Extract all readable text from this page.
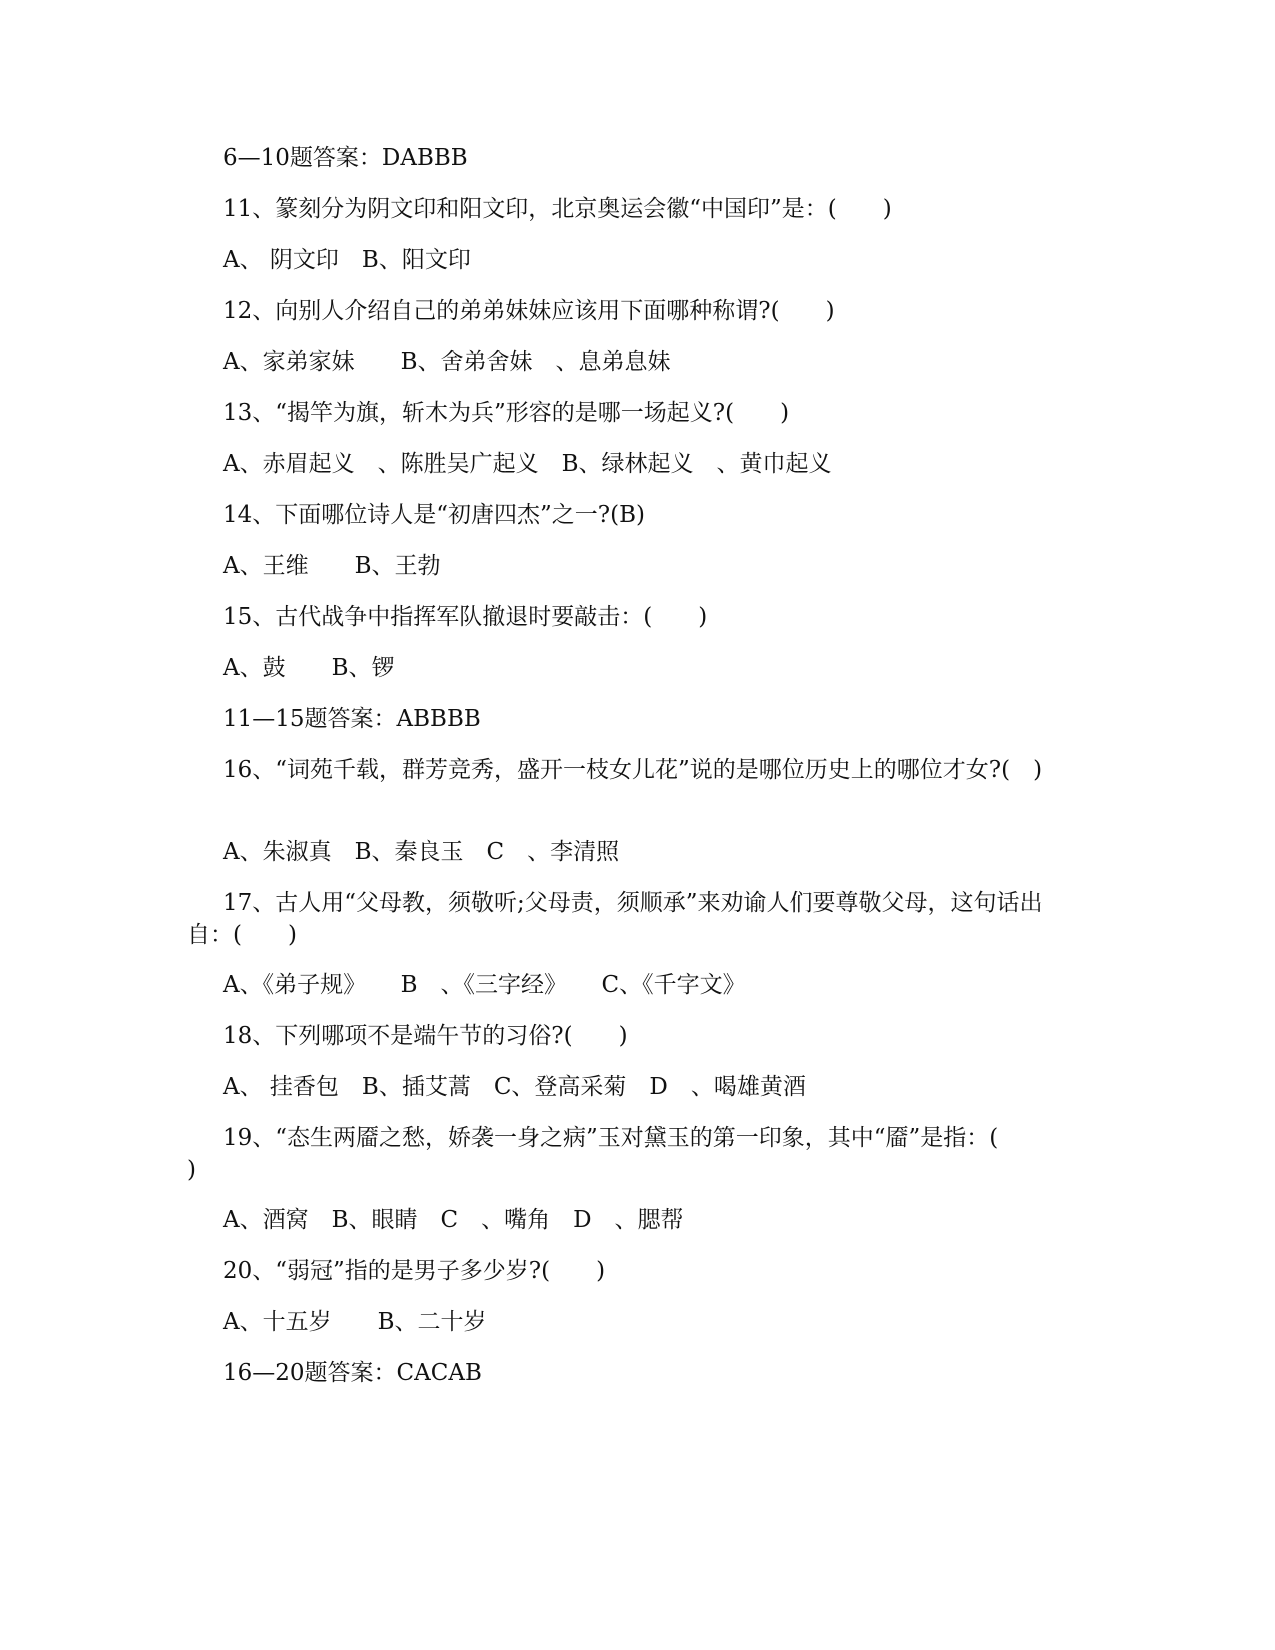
6—10题答案：DABBB

11、篆刻分为阴文印和阳文印，北京奥运会徽“中国印”是：(　　)

A、 阴文印　B、阳文印

12、向别人介绍自己的弟弟妹妹应该用下面哪种称谓?(　　)

A、家弟家妹　　B、舍弟舍妹　、息弟息妹

13、“揭竿为旗，斩木为兵”形容的是哪一场起义?(　　)

A、赤眉起义　、陈胜吴广起义　B、绿林起义　、黄巾起义

14、下面哪位诗人是“初唐四杰”之一?(B)

A、王维　　B、王勃

15、古代战争中指挥军队撤退时要敲击：(　　)

A、鼓　　B、锣

11—15题答案：ABBBB

16、“词苑千载，群芳竞秀，盛开一枝女儿花”说的是哪位历史上的哪位才女?(　)

A、朱淑真　B、秦良玉　C　、李清照

17、古人用“父母教，须敬听;父母责，须顺承”来劝谕人们要尊敬父母，这句话出自：(　　)

A、《弟子规》　　B　、《三字经》　　C、《千字文》

18、下列哪项不是端午节的习俗?(　　)

A、 挂香包　B、插艾蒿　C、登高采菊　D　、喝雄黄酒

19、“态生两靥之愁，娇袭一身之病”玉对黛玉的第一印象，其中“靥”是指：(　　)

A、酒窝　B、眼睛　C　、嘴角　D　、腮帮

20、“弱冠”指的是男子多少岁?(　　)

A、十五岁　　B、二十岁

16—20题答案：CACAB
